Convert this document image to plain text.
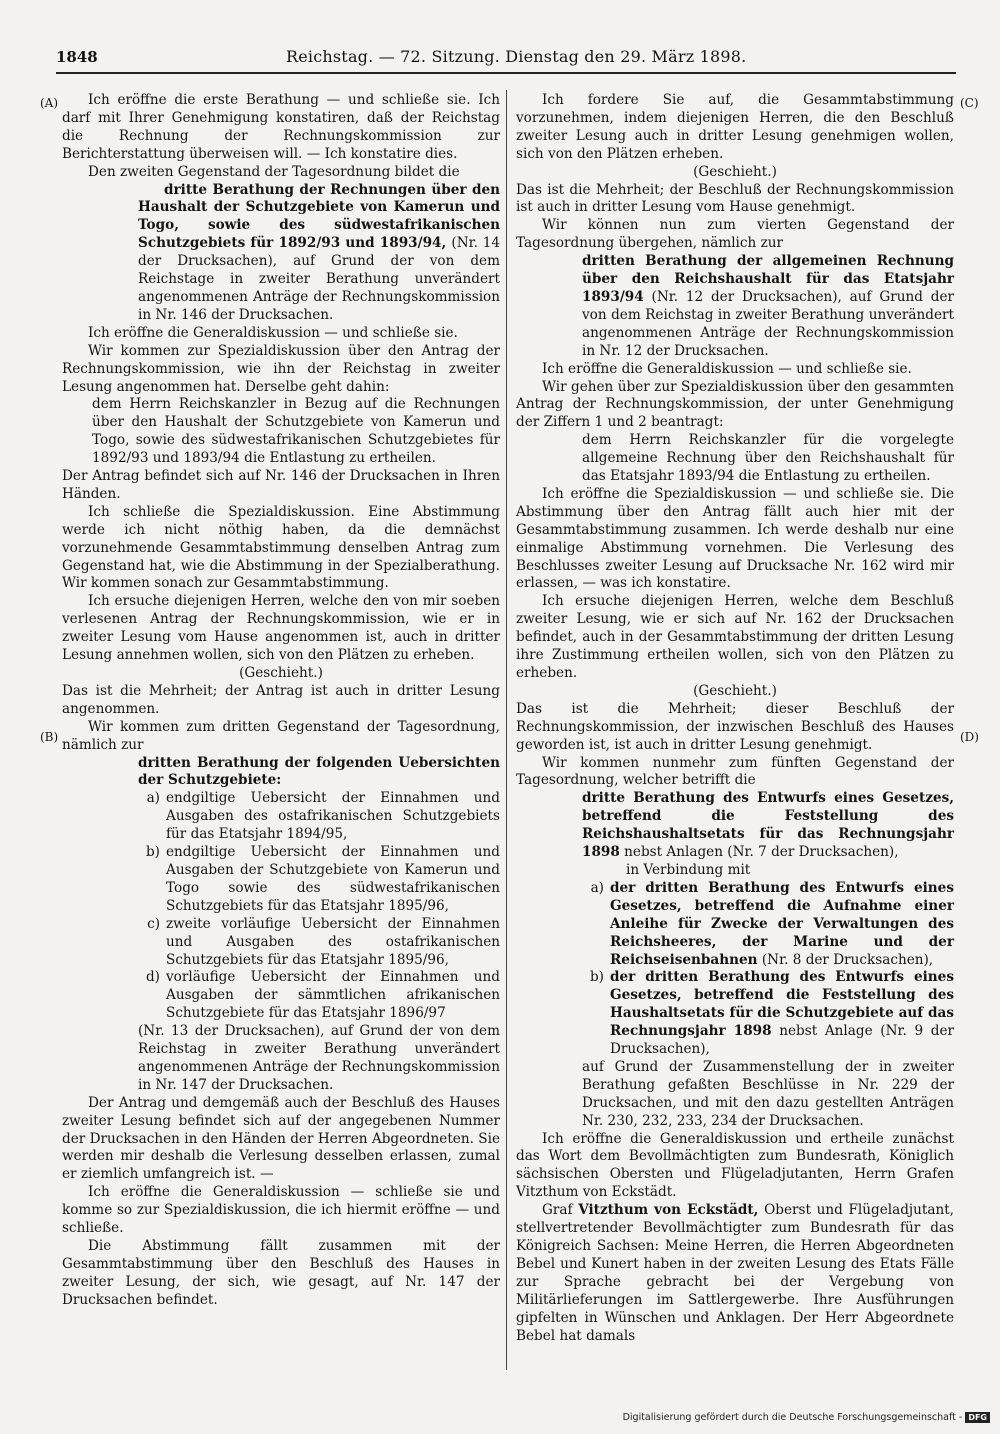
1848	Reichstag. — 72. Sitzung. Dienstag den 29. März 1898.
(A)
(B)
(C)
(D)

Ich eröffne die erste Berathung — und schließe sie. Ich darf mit Ihrer Genehmigung konstatiren, daß der Reichstag die Rechnung der Rechnungskommission zur Berichterstattung überweisen will. — Ich konstatire dies.

Den zweiten Gegenstand der Tagesordnung bildet die
dritte Berathung der Rechnungen über den Haushalt der Schutzgebiete von Kamerun und Togo, sowie des südwestafrikanischen Schutzgebiets für 1892/93 und 1893/94, (Nr. 14 der Drucksachen), auf Grund der von dem Reichstage in zweiter Berathung unverändert angenommenen Anträge der Rechnungskommission in Nr. 146 der Drucksachen.

Ich eröffne die Generaldiskussion — und schließe sie.

Wir kommen zur Spezialdiskussion über den Antrag der Rechnungskommission, wie ihn der Reichstag in zweiter Lesung angenommen hat. Derselbe geht dahin:

dem Herrn Reichskanzler in Bezug auf die Rechnungen über den Haushalt der Schutzgebiete von Kamerun und Togo, sowie des südwestafrikanischen Schutzgebietes für 1892/93 und 1893/94 die Entlastung zu ertheilen.

Der Antrag befindet sich auf Nr. 146 der Drucksachen in Ihren Händen.

Ich schließe die Spezialdiskussion. Eine Abstimmung werde ich nicht nöthig haben, da die demnächst vorzunehmende Gesammtabstimmung denselben Antrag zum Gegenstand hat, wie die Abstimmung in der Spezialberathung. Wir kommen sonach zur Gesammtabstimmung.

Ich ersuche diejenigen Herren, welche den von mir soeben verlesenen Antrag der Rechnungskommission, wie er in zweiter Lesung vom Hause angenommen ist, auch in dritter Lesung annehmen wollen, sich von den Plätzen zu erheben.

(Geschieht.)

Das ist die Mehrheit; der Antrag ist auch in dritter Lesung angenommen.

Wir kommen zum dritten Gegenstand der Tagesordnung, nämlich zur

dritten Berathung der folgenden Uebersichten der Schutzgebiete:

a) endgiltige Uebersicht der Einnahmen und Ausgaben des ostafrikanischen Schutzgebiets für das Etatsjahr 1894/95,
b) endgiltige Uebersicht der Einnahmen und Ausgaben der Schutzgebiete von Kamerun und Togo sowie des südwestafrikanischen Schutzgebiets für das Etatsjahr 1895/96,
c) zweite vorläufige Uebersicht der Einnahmen und Ausgaben des ostafrikanischen Schutzgebiets für das Etatsjahr 1895/96,
d) vorläufige Uebersicht der Einnahmen und Ausgaben der sämmtlichen afrikanischen Schutzgebiete für das Etatsjahr 1896/97

(Nr. 13 der Drucksachen), auf Grund der von dem Reichstag in zweiter Berathung unverändert angenommenen Anträge der Rechnungskommission in Nr. 147 der Drucksachen.

Der Antrag und demgemäß auch der Beschluß des Hauses zweiter Lesung befindet sich auf der angegebenen Nummer der Drucksachen in den Händen der Herren Abgeordneten. Sie werden mir deshalb die Verlesung desselben erlassen, zumal er ziemlich umfangreich ist. —

Ich eröffne die Generaldiskussion — schließe sie und komme so zur Spezialdiskussion, die ich hiermit eröffne — und schließe.

Die Abstimmung fällt zusammen mit der Gesammtabstimmung über den Beschluß des Hauses in zweiter Lesung, der sich, wie gesagt, auf Nr. 147 der Drucksachen befindet.

Ich fordere Sie auf, die Gesammtabstimmung vorzunehmen, indem diejenigen Herren, die den Beschluß zweiter Lesung auch in dritter Lesung genehmigen wollen, sich von den Plätzen erheben.

(Geschieht.)

Das ist die Mehrheit; der Beschluß der Rechnungskommission ist auch in dritter Lesung vom Hause genehmigt.

Wir können nun zum vierten Gegenstand der Tagesordnung übergehen, nämlich zur

dritten Berathung der allgemeinen Rechnung über den Reichshaushalt für das Etatsjahr 1893/94 (Nr. 12 der Drucksachen), auf Grund der von dem Reichstag in zweiter Berathung unverändert angenommenen Anträge der Rechnungskommission in Nr. 12 der Drucksachen.

Ich eröffne die Generaldiskussion — und schließe sie.

Wir gehen über zur Spezialdiskussion über den gesammten Antrag der Rechnungskommission, der unter Genehmigung der Ziffern 1 und 2 beantragt:

dem Herrn Reichskanzler für die vorgelegte allgemeine Rechnung über den Reichshaushalt für das Etatsjahr 1893/94 die Entlastung zu ertheilen.

Ich eröffne die Spezialdiskussion — und schließe sie. Die Abstimmung über den Antrag fällt auch hier mit der Gesammtabstimmung zusammen. Ich werde deshalb nur eine einmalige Abstimmung vornehmen. Die Verlesung des Beschlusses zweiter Lesung auf Drucksache Nr. 162 wird mir erlassen, — was ich konstatire.

Ich ersuche diejenigen Herren, welche dem Beschluß zweiter Lesung, wie er sich auf Nr. 162 der Drucksachen befindet, auch in der Gesammtabstimmung der dritten Lesung ihre Zustimmung ertheilen wollen, sich von den Plätzen zu erheben.

(Geschieht.)

Das ist die Mehrheit; dieser Beschluß der Rechnungskommission, der inzwischen Beschluß des Hauses geworden ist, ist auch in dritter Lesung genehmigt.

Wir kommen nunmehr zum fünften Gegenstand der Tagesordnung, welcher betrifft die

dritte Berathung des Entwurfs eines Gesetzes, betreffend die Feststellung des Reichshaushaltsetats für das Rechnungsjahr 1898 nebst Anlagen (Nr. 7 der Drucksachen),

in Verbindung mit

a) der dritten Berathung des Entwurfs eines Gesetzes, betreffend die Aufnahme einer Anleihe für Zwecke der Verwaltungen des Reichsheeres, der Marine und der Reichseisenbahnen (Nr. 8 der Drucksachen),
b) der dritten Berathung des Entwurfs eines Gesetzes, betreffend die Feststellung des Haushaltsetats für die Schutzgebiete auf das Rechnungsjahr 1898 nebst Anlage (Nr. 9 der Drucksachen),

auf Grund der Zusammenstellung der in zweiter Berathung gefaßten Beschlüsse in Nr. 229 der Drucksachen, und mit den dazu gestellten Anträgen Nr. 230, 232, 233, 234 der Drucksachen.

Ich eröffne die Generaldiskussion und ertheile zunächst das Wort dem Bevollmächtigten zum Bundesrath, Königlich sächsischen Obersten und Flügeladjutanten, Herrn Grafen Vitzthum von Eckstädt.

Graf Vitzthum von Eckstädt, Oberst und Flügeladjutant, stellvertretender Bevollmächtigter zum Bundesrath für das Königreich Sachsen: Meine Herren, die Herren Abgeordneten Bebel und Kunert haben in der zweiten Lesung des Etats Fälle zur Sprache gebracht bei der Vergebung von Militärlieferungen im Sattlergewerbe. Ihre Ausführungen gipfelten in Wünschen und Anklagen. Der Herr Abgeordnete Bebel hat damals

Digitalisierung gefördert durch die Deutsche Forschungsgemeinschaft - DFG
